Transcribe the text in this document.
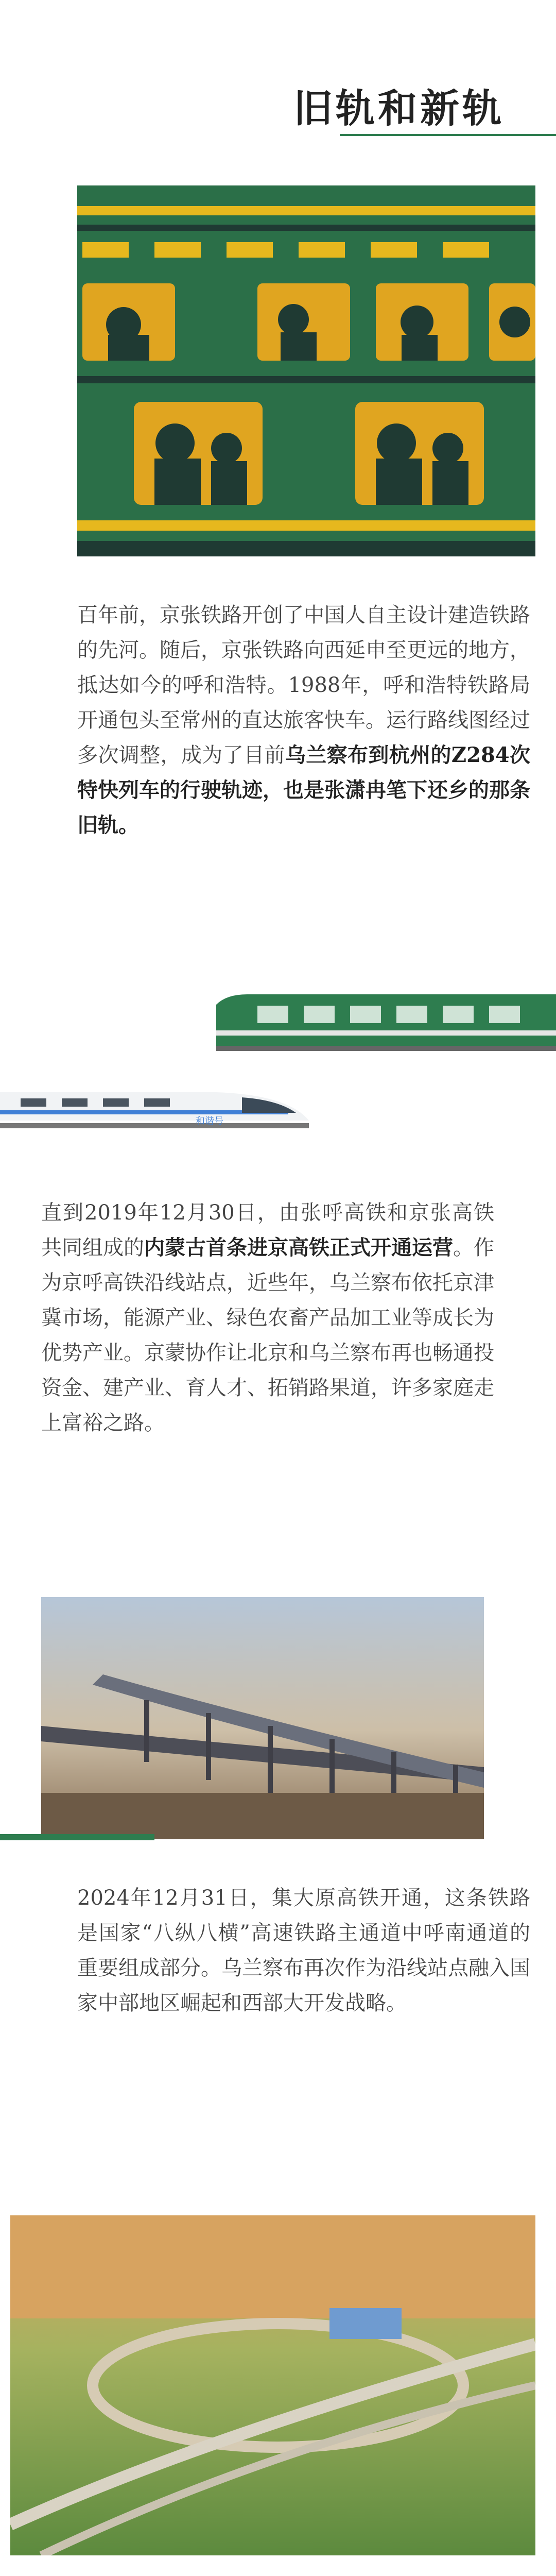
旧轨和新轨
百年前，京张铁路开创了中国人自主设计建造铁路的先河。随后，京张铁路向西延申至更远的地方，抵达如今的呼和浩特。1988年，呼和浩特铁路局开通包头至常州的直达旅客快车。运行路线图经过多次调整，成为了目前乌兰察布到杭州的Z284次特快列车的行驶轨迹，也是张潇冉笔下还乡的那条旧轨。
和谐号
直到2019年12月30日，由张呼高铁和京张高铁共同组成的内蒙古首条进京高铁正式开通运营。作为京呼高铁沿线站点，近些年，乌兰察布依托京津冀市场，能源产业、绿色农畜产品加工业等成长为优势产业。京蒙协作让北京和乌兰察布再也畅通投资金、建产业、育人才、拓销路果道，许多家庭走上富裕之路。
2024年12月31日，集大原高铁开通，这条铁路是国家“八纵八横”高速铁路主通道中呼南通道的重要组成部分。乌兰察布再次作为沿线站点融入国家中部地区崛起和西部大开发战略。
